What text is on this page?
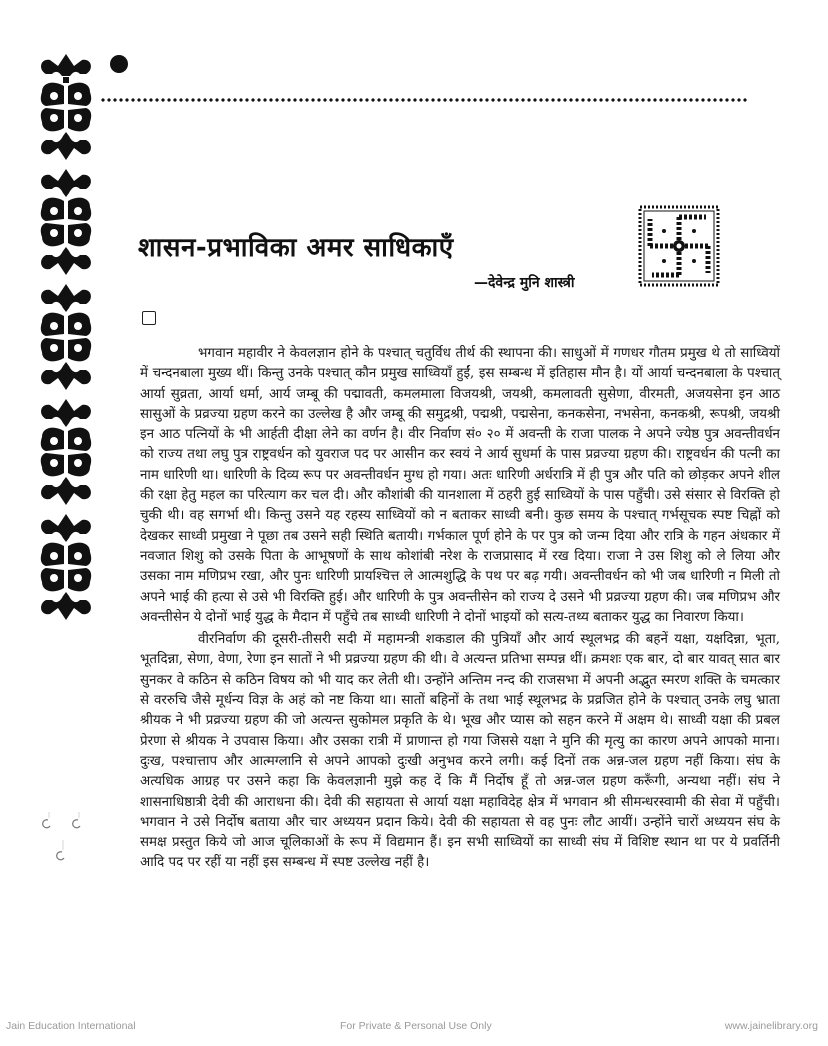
शासन-प्रभाविका अमर साधिकाएँ
—देवेन्द्र मुनि शास्त्री

भगवान महावीर ने केवलज्ञान होने के पश्चात् चतुर्विध तीर्थ की स्थापना की। साधुओं में गणधर गौतम प्रमुख थे तो साध्वियों में चन्दनबाला मुख्य थीं। किन्तु उनके पश्चात् कौन प्रमुख साध्वियाँ हुईं, इस सम्बन्ध में इतिहास मौन है। यों आर्या चन्दनबाला के पश्चात् आर्या सुव्रता, आर्या धर्मा, आर्य जम्बू की पद्मावती, कमलमाला विजयश्री, जयश्री, कमलावती सुसेणा, वीरमती, अजयसेना इन आठ सासुओं के प्रव्रज्या ग्रहण करने का उल्लेख है और जम्बू की समुद्रश्री, पद्मश्री, पद्मसेना, कनकसेना, नभसेना, कनकश्री, रूपश्री, जयश्री इन आठ पत्नियों के भी आर्हती दीक्षा लेने का वर्णन है। वीर निर्वाण सं० २० में अवन्ती के राजा पालक ने अपने ज्येष्ठ पुत्र अवन्तीवर्धन को राज्य तथा लघु पुत्र राष्ट्रवर्धन को युवराज पद पर आसीन कर स्वयं ने आर्य सुधर्मा के पास प्रव्रज्या ग्रहण की। राष्ट्रवर्धन की पत्नी का नाम धारिणी था। धारिणी के दिव्य रूप पर अवन्तीवर्धन मुग्ध हो गया। अतः धारिणी अर्धरात्रि में ही पुत्र और पति को छोड़कर अपने शील की रक्षा हेतु महल का परित्याग कर चल दी। और कौशांबी की यानशाला में ठहरी हुई साध्वियों के पास पहुँची। उसे संसार से विरक्ति हो चुकी थी। वह सगर्भा थी। किन्तु उसने यह रहस्य साध्वियों को न बताकर साध्वी बनी। कुछ समय के पश्चात् गर्भसूचक स्पष्ट चिह्नों को देखकर साध्वी प्रमुखा ने पूछा तब उसने सही स्थिति बतायी। गर्भकाल पूर्ण होने के पर पुत्र को जन्म दिया और रात्रि के गहन अंधकार में नवजात शिशु को उसके पिता के आभूषणों के साथ कोशांबी नरेश के राजप्रासाद में रख दिया। राजा ने उस शिशु को ले लिया और उसका नाम मणिप्रभ रखा, और पुनः धारिणी प्रायश्चित्त ले आत्मशुद्धि के पथ पर बढ़ गयी। अवन्तीवर्धन को भी जब धारिणी न मिली तो अपने भाई की हत्या से उसे भी विरक्ति हुई। और धारिणी के पुत्र अवन्तीसेन को राज्य दे उसने भी प्रव्रज्या ग्रहण की। जब मणिप्रभ और अवन्तीसेन ये दोनों भाई युद्ध के मैदान में पहुँचे तब साध्वी धारिणी ने दोनों भाइयों को सत्य-तथ्य बताकर युद्ध का निवारण किया।

वीरनिर्वाण की दूसरी-तीसरी सदी में महामन्त्री शकडाल की पुत्रियाँ और आर्य स्थूलभद्र की बहनें यक्षा, यक्षदिन्ना, भूता, भूतदिन्ना, सेणा, वेणा, रेणा इन सातों ने भी प्रव्रज्या ग्रहण की थी। वे अत्यन्त प्रतिभा सम्पन्न थीं। क्रमशः एक बार, दो बार यावत् सात बार सुनकर वे कठिन से कठिन विषय को भी याद कर लेती थी। उन्होंने अन्तिम नन्द की राजसभा में अपनी अद्भुत स्मरण शक्ति के चमत्कार से वररुचि जैसे मूर्धन्य विज्ञ के अहं को नष्ट किया था। सातों बहिनों के तथा भाई स्थूलभद्र के प्रव्रजित होने के पश्चात् उनके लघु भ्राता श्रीयक ने भी प्रव्रज्या ग्रहण की जो अत्यन्त सुकोमल प्रकृति के थे। भूख और प्यास को सहन करने में अक्षम थे। साध्वी यक्षा की प्रबल प्रेरणा से श्रीयक ने उपवास किया। और उसका रात्री में प्राणान्त हो गया जिससे यक्षा ने मुनि की मृत्यु का कारण अपने आपको माना। दुःख, पश्चात्ताप और आत्मग्लानि से अपने आपको दुःखी अनुभव करने लगी। कई दिनों तक अन्न-जल ग्रहण नहीं किया। संघ के अत्यधिक आग्रह पर उसने कहा कि केवलज्ञानी मुझे कह दें कि मैं निर्दोष हूँ तो अन्न-जल ग्रहण करूँगी, अन्यथा नहीं। संघ ने शासनाधिष्ठात्री देवी की आराधना की। देवी की सहायता से आर्या यक्षा महाविदेह क्षेत्र में भगवान श्री सीमन्धरस्वामी की सेवा में पहुँची। भगवान ने उसे निर्दोष बताया और चार अध्ययन प्रदान किये। देवी की सहायता से वह पुनः लौट आयीं। उन्होंने चारों अध्ययन संघ के समक्ष प्रस्तुत किये जो आज चूलिकाओं के रूप में विद्यमान हैं। इन सभी साध्वियों का साध्वी संघ में विशिष्ट स्थान था पर ये प्रवर्तिनी आदि पद पर रहीं या नहीं इस सम्बन्ध में स्पष्ट उल्लेख नहीं है।

Jain Education International	For Private & Personal Use Only	www.jainelibrary.org
